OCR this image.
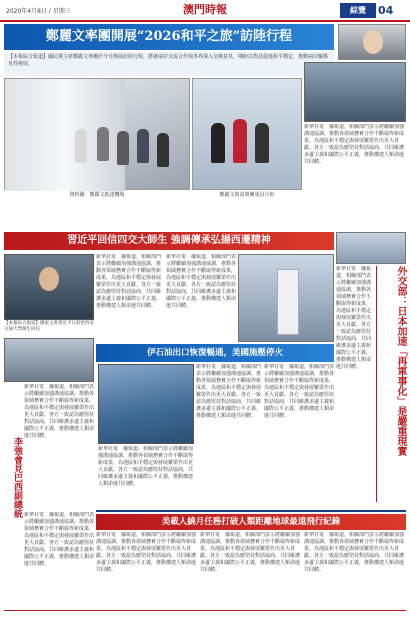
2020年4月8日 / 星期三	澳門時報	綜覽	04
鄭麗文率團開展“2026和平之旅”訪陸行程
【本報綜合報道】國民黨主席鄭麗文率團於今日開展訪陸行程，將就兩岸交流合作與各界深入交換意見，期盼以對話促進和平穩定，推動兩岸關係良性發展。
資料圖：鄭麗文抵達機場	鄭麗文與訪問團成員合影
新華社電　據報道，相關部門表示將繼續加強溝通協調，推動各領域務實合作不斷取得新成果，為地區和平穩定與發展繁榮作出更大貢獻。各方一致認為應堅持對話協商，共同維護多邊主義和國際公平正義，推動構建人類命運共同體。
習近平回信四交大師生 強調傳承弘揚西遷精神
【本報綜合報道】國家主席習近平日前給西安交通大學師生回信
新華社電　據報道，相關部門表示將繼續加強溝通協調，推動各領域務實合作不斷取得新成果，為地區和平穩定與發展繁榮作出更大貢獻。各方一致認為應堅持對話協商，共同維護多邊主義和國際公平正義，推動構建人類命運共同體。
新華社電　據報道，相關部門表示將繼續加強溝通協調，推動各領域務實合作不斷取得新成果，為地區和平穩定與發展繁榮作出更大貢獻。各方一致認為應堅持對話協商，共同維護多邊主義和國際公平正義，推動構建人類命運共同體。	外交部：日本加速「再軍事化」是嚴重現實
新華社電　據報道，相關部門表示將繼續加強溝通協調，推動各領域務實合作不斷取得新成果，為地區和平穩定與發展繁榮作出更大貢獻。各方一致認為應堅持對話協商，共同維護多邊主義和國際公平正義，推動構建人類命運共同體。
李強會見巴西副總統
新華社電　據報道，相關部門表示將繼續加強溝通協調，推動各領域務實合作不斷取得新成果，為地區和平穩定與發展繁榮作出更大貢獻。各方一致認為應堅持對話協商，共同維護多邊主義和國際公平正義，推動構建人類命運共同體。
伊石油出口恢復暢通，美國施壓停火
新華社電　據報道，相關部門表示將繼續加強溝通協調，推動各領域務實合作不斷取得新成果，為地區和平穩定與發展繁榮作出更大貢獻。各方一致認為應堅持對話協商，共同維護多邊主義和國際公平正義，推動構建人類命運共同體。
新華社電　據報道，相關部門表示將繼續加強溝通協調，推動各領域務實合作不斷取得新成果，為地區和平穩定與發展繁榮作出更大貢獻。各方一致認為應堅持對話協商，共同維護多邊主義和國際公平正義，推動構建人類命運共同體。
新華社電　據報道，相關部門表示將繼續加強溝通協調，推動各領域務實合作不斷取得新成果，為地區和平穩定與發展繁榮作出更大貢獻。各方一致認為應堅持對話協商，共同維護多邊主義和國際公平正義，推動構建人類命運共同體。
美載人繞月任務打破人類距離地球最遠飛行紀錄
新華社電　據報道，相關部門表示將繼續加強溝通協調，推動各領域務實合作不斷取得新成果，為地區和平穩定與發展繁榮作出更大貢獻。各方一致認為應堅持對話協商，共同維護多邊主義和國際公平正義，推動構建人類命運共同體。
新華社電　據報道，相關部門表示將繼續加強溝通協調，推動各領域務實合作不斷取得新成果，為地區和平穩定與發展繁榮作出更大貢獻。各方一致認為應堅持對話協商，共同維護多邊主義和國際公平正義，推動構建人類命運共同體。
新華社電　據報道，相關部門表示將繼續加強溝通協調，推動各領域務實合作不斷取得新成果，為地區和平穩定與發展繁榮作出更大貢獻。各方一致認為應堅持對話協商，共同維護多邊主義和國際公平正義，推動構建人類命運共同體。
新華社電　據報道，相關部門表示將繼續加強溝通協調，推動各領域務實合作不斷取得新成果，為地區和平穩定與發展繁榮作出更大貢獻。各方一致認為應堅持對話協商，共同維護多邊主義和國際公平正義，推動構建人類命運共同體。
